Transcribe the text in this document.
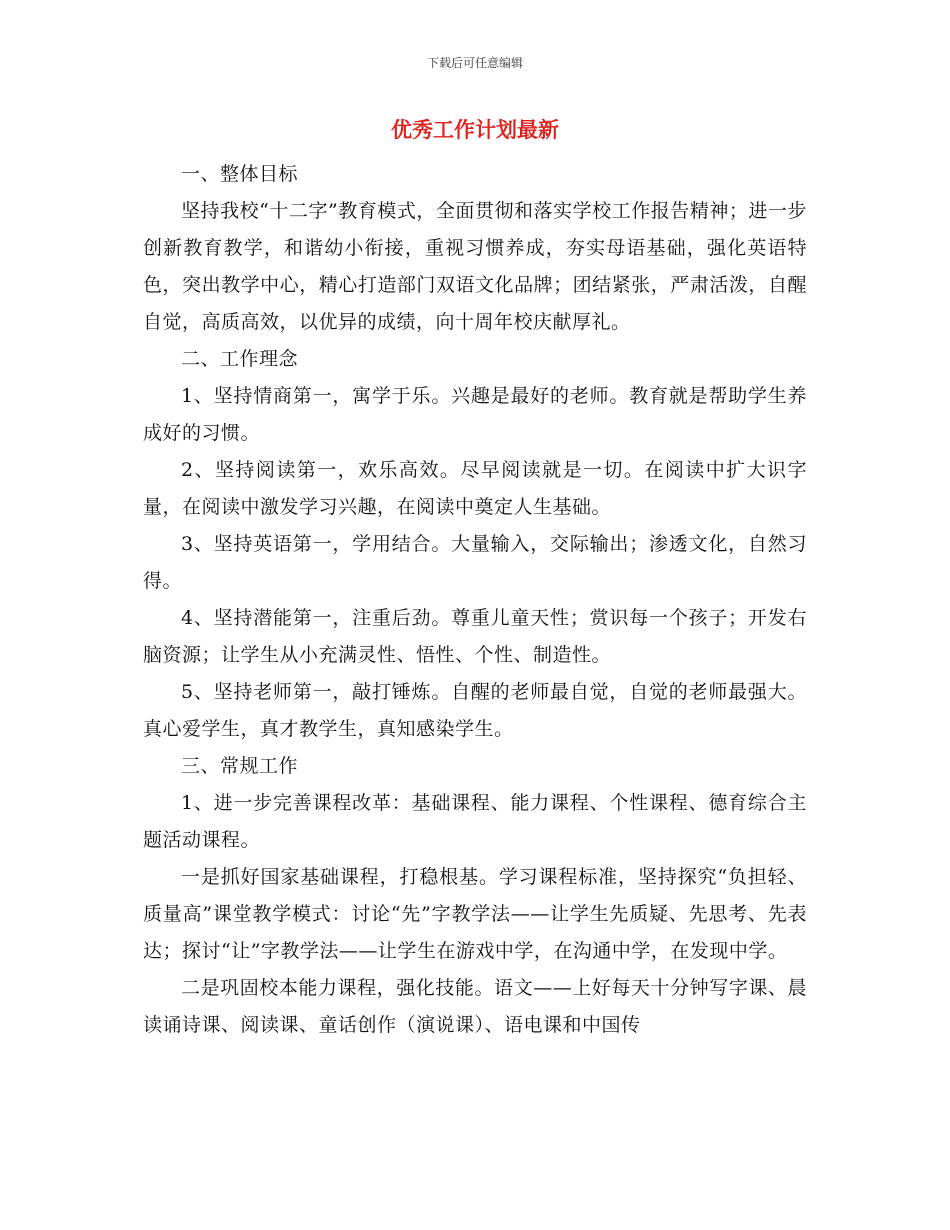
下载后可任意编辑
优秀工作计划最新

一、整体目标

坚持我校“十二字”教育模式，全面贯彻和落实学校工作报告精神；进一步创新教育教学，和谐幼小衔接，重视习惯养成，夯实母语基础，强化英语特色，突出教学中心，精心打造部门双语文化品牌；团结紧张，严肃活泼，自醒自觉，高质高效，以优异的成绩，向十周年校庆献厚礼。

二、工作理念

1、坚持情商第一，寓学于乐。兴趣是最好的老师。教育就是帮助学生养成好的习惯。

2、坚持阅读第一，欢乐高效。尽早阅读就是一切。在阅读中扩大识字量，在阅读中激发学习兴趣，在阅读中奠定人生基础。

3、坚持英语第一，学用结合。大量输入，交际输出；渗透文化，自然习得。

4、坚持潜能第一，注重后劲。尊重儿童天性；赏识每一个孩子；开发右脑资源；让学生从小充满灵性、悟性、个性、制造性。

5、坚持老师第一，敲打锤炼。自醒的老师最自觉，自觉的老师最强大。真心爱学生，真才教学生，真知感染学生。

三、常规工作

1、进一步完善课程改革：基础课程、能力课程、个性课程、德育综合主题活动课程。

一是抓好国家基础课程，打稳根基。学习课程标准，坚持探究“负担轻、质量高”课堂教学模式：讨论“先”字教学法——让学生先质疑、先思考、先表达；探讨“让”字教学法——让学生在游戏中学，在沟通中学，在发现中学。

二是巩固校本能力课程，强化技能。语文——上好每天十分钟写字课、晨读诵诗课、阅读课、童话创作（演说课）、语电课和中国传
